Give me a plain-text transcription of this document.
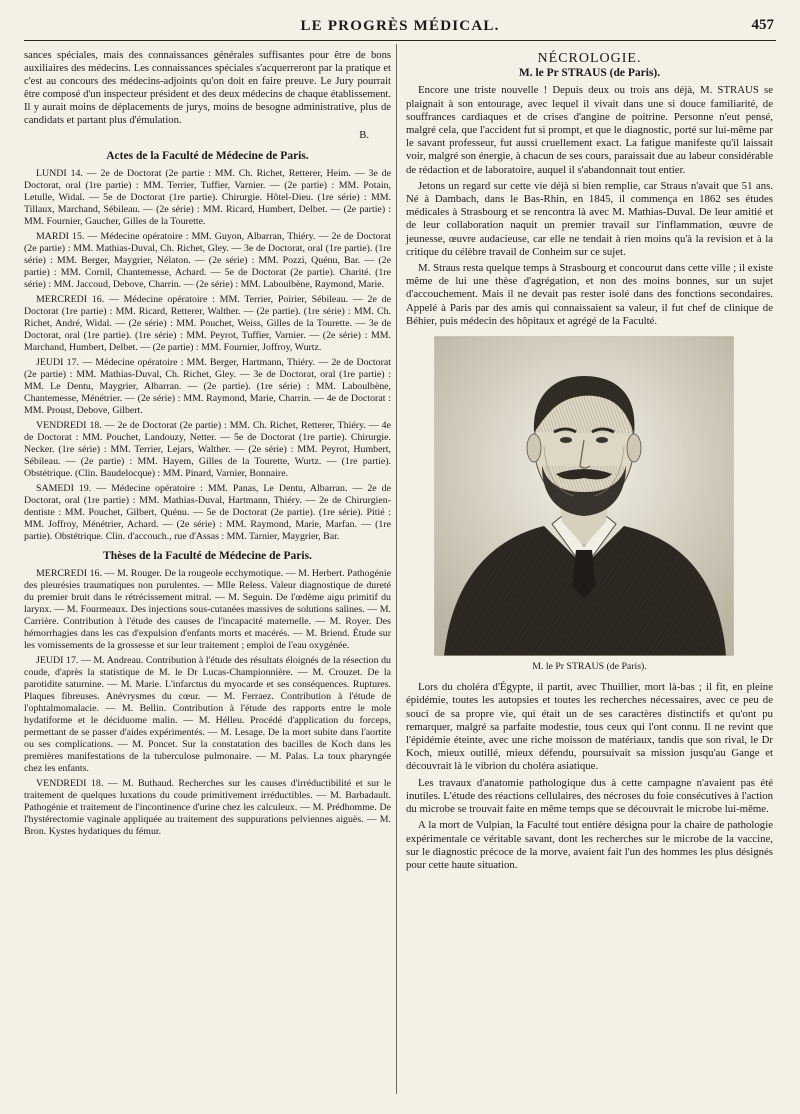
LE PROGRÈS MÉDICAL.	457

sances spéciales, mais des connaissances générales suffisantes pour être de bons auxiliaires des médecins. Les connaissances spéciales s'acquerreront par la pratique et c'est au concours des médecins-adjoints qu'on doit en faire preuve. Le Jury pourrait être composé d'un inspecteur président et des deux médecins de chaque établissement. Il y aurait moins de déplacements de jurys, moins de besogne administrative, plus de candidats et partant plus d'émulation.

B.

Actes de la Faculté de Médecine de Paris.

LUNDI 14. — 2e de Doctorat (2e partie : MM. Ch. Richet, Retterer, Heim. — 3e de Doctorat, oral (1re partie) : MM. Terrier, Tuffier, Varnier. — (2e partie) : MM. Potain, Letulle, Widal. — 5e de Doctorat (1re partie). Chirurgie. Hôtel-Dieu. (1re série) : MM. Tillaux, Marchand, Sébileau. — (2e série) : MM. Ricard, Humbert, Delbet. — (2e partie) : MM. Fournier, Gaucher, Gilles de la Tourette.

MARDI 15. — Médecine opératoire : MM. Guyon, Albarran, Thiéry. — 2e de Doctorat (2e partie) : MM. Mathias-Duval, Ch. Richet, Gley. — 3e de Doctorat, oral (1re partie). (1re série) : MM. Berger, Maygrier, Nélaton. — (2e série) : MM. Pozzi, Quénu, Bar. — (2e partie) : MM. Cornil, Chantemesse, Achard. — 5e de Doctorat (2e partie). Charité. (1re série) : MM. Jaccoud, Debove, Charrin. — (2e série) : MM. Laboulbène, Raymond, Marie.

MERCREDI 16. — Médecine opératoire : MM. Terrier, Poirier, Sébileau. — 2e de Doctorat (1re partie) : MM. Ricard, Retterer, Walther. — (2e partie). (1re série) : MM. Ch. Richet, André, Widal. — (2e série) : MM. Pouchet, Weiss, Gilles de la Tourette. — 3e de Doctorat, oral (1re partie). (1re série) : MM. Peyrot, Tuffier, Varnier. — (2e série) : MM. Marchand, Humbert, Delbet. — (2e partie) : MM. Fournier, Joffroy, Wurtz.

JEUDI 17. — Médecine opératoire : MM. Berger, Hartmann, Thiéry. — 2e de Doctorat (2e partie) : MM. Mathias-Duval, Ch. Richet, Gley. — 3e de Doctorat, oral (1re partie) : MM. Le Dentu, Maygrier, Albarran. — (2e partie). (1re série) : MM. Laboulbène, Chantemesse, Ménétrier. — (2e série) : MM. Raymond, Marie, Charrin. — 4e de Doctorat : MM. Proust, Debove, Gilbert.

VENDREDI 18. — 2e de Doctorat (2e partie) : MM. Ch. Richet, Retterer, Thiéry. — 4e de Doctorat : MM. Pouchet, Landouzy, Netter. — 5e de Doctorat (1re partie). Chirurgie. Necker. (1re série) : MM. Terrier, Lejars, Walther. — (2e série) : MM. Peyrot, Humbert, Sébileau. — (2e partie) : MM. Hayem, Gilles de la Tourette, Wurtz. — (1re partie). Obstétrique. (Clin. Baudelocque) : MM. Pinard, Varnier, Bonnaire.

SAMEDI 19. — Médecine opératoire : MM. Panas, Le Dentu, Albarran. — 2e de Doctorat, oral (1re partie) : MM. Mathias-Duval, Hartmann, Thiéry. — 2e de Chirurgien-dentiste : MM. Pouchet, Gilbert, Quénu. — 5e de Doctorat (2e partie). (1re série). Pitié : MM. Joffroy, Ménétrier, Achard. — (2e série) : MM. Raymond, Marie, Marfan. — (1re partie). Obstétrique. Clin. d'accouch., rue d'Assas : MM. Tarnier, Maygrier, Bar.

Thèses de la Faculté de Médecine de Paris.

MERCREDI 16. — M. Rouger. De la rougeole ecchymotique. — M. Herbert. Pathogénie des pleurésies traumatiques non purulentes. — Mlle Reless. Valeur diagnostique de dureté du premier bruit dans le rétrécissement mitral. — M. Seguin. De l'œdème aigu primitif du larynx. — M. Fourmeaux. Des injections sous-cutanées massives de solutions salines. — M. Carrière. Contribution à l'étude des causes de l'incapacité maternelle. — M. Royer. Des hémorrhagies dans les cas d'expulsion d'enfants morts et macérés. — M. Briend. Étude sur les vomissements de la grossesse et sur leur traitement ; emploi de l'eau oxygénée.

JEUDI 17. — M. Andreau. Contribution à l'étude des résultats éloignés de la résection du coude, d'après la statistique de M. le Dr Lucas-Championnière. — M. Crouzet. De la parotidite saturnine. — M. Marie. L'infarctus du myocarde et ses conséquences. Ruptures. Plaques fibreuses. Anévrysmes du cœur. — M. Ferraez. Contribution à l'étude de l'ophtalmomalacie. — M. Bellin. Contribution à l'étude des rapports entre le mole hydatiforme et le déciduome malin. — M. Hélleu. Procédé d'application du forceps, permettant de se passer d'aides expérimentés. — M. Lesage. De la mort subite dans l'aortite ou ses complications. — M. Poncet. Sur la constatation des bacilles de Koch dans les premières manifestations de la tuberculose pulmonaire. — M. Palas. La toux pharyngée chez les enfants.

VENDREDI 18. — M. Buthaud. Recherches sur les causes d'irréductibilité et sur le traitement de quelques luxations du coude primitivement irréductibles. — M. Barbadault. Pathogénie et traitement de l'incontinence d'urine chez les calculeux. — M. Prédhomme. De l'hystérectomie vaginale appliquée au traitement des suppurations pelviennes aiguës. — M. Bron. Kystes hydatiques du fémur.

NÉCROLOGIE.
M. le Pr STRAUS (de Paris).

Encore une triste nouvelle ! Depuis deux ou trois ans déjà, M. STRAUS se plaignait à son entourage, avec lequel il vivait dans une si douce familiarité, de souffrances cardiaques et de crises d'angine de poitrine. Personne n'eut pensé, malgré cela, que l'accident fut si prompt, et que le diagnostic, porté sur lui-même par le savant professeur, fut aussi cruellement exact. La fatigue manifeste qu'il laissait voir, malgré son énergie, à chacun de ses cours, paraissait due au labeur considérable de rédaction et de laboratoire, auquel il s'abandonnait tout entier.

Jetons un regard sur cette vie déjà si bien remplie, car Straus n'avait que 51 ans. Né à Dambach, dans le Bas-Rhin, en 1845, il commença en 1862 ses études médicales à Strasbourg et se rencontra là avec M. Mathias-Duval. De leur amitié et de leur collaboration naquit un premier travail sur l'inflammation, œuvre de jeunesse, œuvre audacieuse, car elle ne tendait à rien moins qu'à la revision et à la critique du célèbre travail de Conheim sur ce sujet.

M. Straus resta quelque temps à Strasbourg et concourut dans cette ville ; il existe même de lui une thèse d'agrégation, et non des moins bonnes, sur un sujet d'accouchement. Mais il ne devait pas rester isolé dans des fonctions secondaires. Appelé à Paris par des amis qui connaissaient sa valeur, il fut chef de clinique de Béhier, puis médecin des hôpitaux et agrégé de la Faculté.

M. le Pr STRAUS (de Paris).

Lors du choléra d'Égypte, il partit, avec Thuillier, mort là-bas ; il fit, en pleine épidémie, toutes les autopsies et toutes les recherches nécessaires, avec ce peu de souci de sa propre vie, qui était un de ses caractères distinctifs et qu'ont pu remarquer, malgré sa parfaite modestie, tous ceux qui l'ont connu. Il ne revint que l'épidémie éteinte, avec une riche moisson de matériaux, tandis que son rival, le Dr Koch, mieux outillé, mieux défendu, poursuivait sa mission jusqu'au Gange et découvrait là le vibrion du choléra asiatique.

Les travaux d'anatomie pathologique dus à cette campagne n'avaient pas été inutiles. L'étude des réactions cellulaires, des nécroses du foie consécutives à l'action du microbe se trouvait faite en même temps que se découvrait le microbe lui-même.

A la mort de Vulpian, la Faculté tout entière désigna pour la chaire de pathologie expérimentale ce véritable savant, dont les recherches sur le microbe de la vaccine, sur le diagnostic précoce de la morve, avaient fait l'un des hommes les plus désignés pour cette haute situation.
